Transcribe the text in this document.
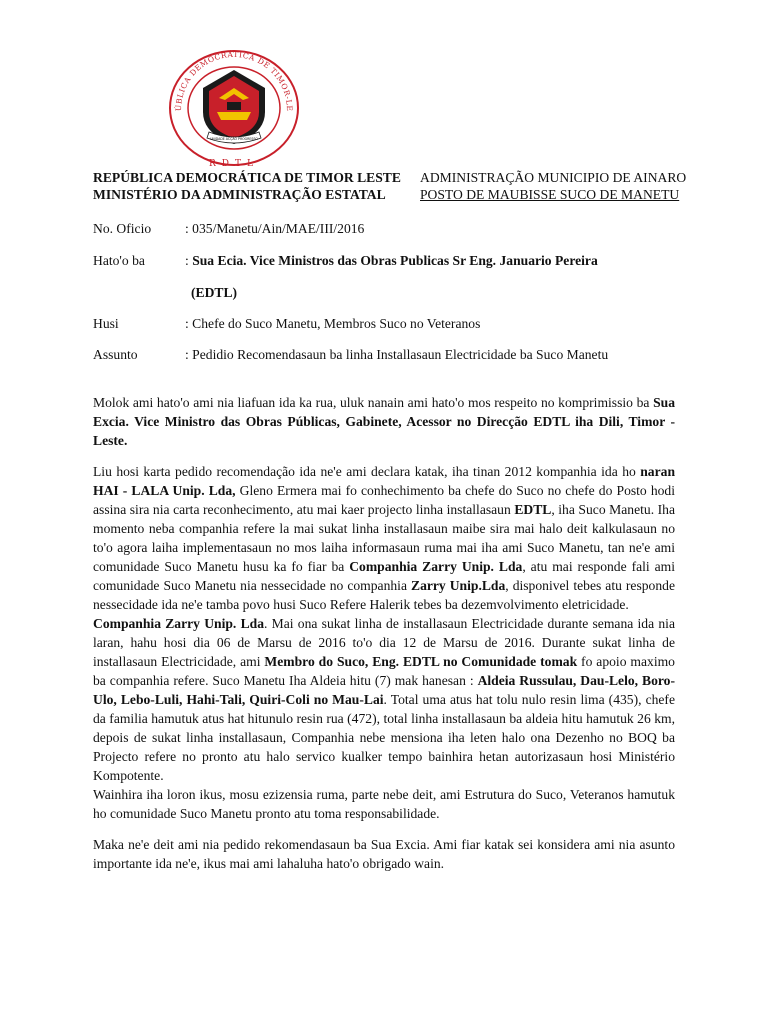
ÚBLICA DEMOCRÁTICA DE TIMOR-LE
UNIDADE ACÇÃO PROGRESSO
RDTL
REPÚBLICA DEMOCRÁTICA DE TIMOR LESTE
MINISTÉRIO DA ADMINISTRAÇÃO ESTATAL
ADMINISTRAÇÃO MUNICIPIO DE AINARO
POSTO DE MAUBISSE SUCO DE MANETU
No. Oficio : 035/Manetu/Ain/MAE/III/2016
Hato'o ba	: Sua Ecia. Vice Ministros das Obras Publicas Sr Eng. Januario Pereira
(EDTL)
Husi	: Chefe do Suco Manetu, Membros Suco no Veteranos
Assunto	: Pedidio Recomendasaun ba linha Installasaun Electricidade ba Suco Manetu

Molok ami hato'o ami nia liafuan ida ka rua, uluk nanain ami hato'o mos respeito no komprimissio ba Sua Excia. Vice Ministro das Obras Públicas, Gabinete, Acessor no Direcção EDTL iha Dili, Timor - Leste.

Liu hosi karta pedido recomendação ida ne'e ami declara katak, iha tinan 2012 kompanhia ida ho naran HAI - LALA Unip. Lda, Gleno Ermera mai fo conhechimento ba chefe do Suco no chefe do Posto hodi assina sira nia carta reconhecimento, atu mai kaer projecto linha installasaun EDTL, iha Suco Manetu. Iha momento neba companhia refere la mai sukat linha installasaun maibe sira mai halo deit kalkulasaun no to'o agora laiha implementasaun no mos laiha informasaun ruma mai iha ami Suco Manetu, tan ne'e ami comunidade Suco Manetu husu ka fo fiar ba Companhia Zarry Unip. Lda, atu mai responde fali ami comunidade Suco Manetu nia nessecidade no companhia Zarry Unip.Lda, disponivel tebes atu responde nessecidade ida ne'e tamba povo husi Suco Refere Halerik tebes ba dezemvolvimento eletricidade.

Companhia Zarry Unip. Lda. Mai ona sukat linha de installasaun Electricidade durante semana ida nia laran, hahu hosi dia 06 de Marsu de 2016 to'o dia 12 de Marsu de 2016. Durante sukat linha de installasaun Electricidade, ami Membro do Suco, Eng. EDTL no Comunidade tomak fo apoio maximo ba companhia refere. Suco Manetu Iha Aldeia hitu (7) mak hanesan : Aldeia Russulau, Dau-Lelo, Boro-Ulo, Lebo-Luli, Hahi-Tali, Quiri-Coli no Mau-Lai. Total uma atus hat tolu nulo resin lima (435), chefe da familia hamutuk atus hat hitunulo resin rua (472), total linha installasaun ba aldeia hitu hamutuk 26 km, depois de sukat linha installasaun, Companhia nebe mensiona iha leten halo ona Dezenho no BOQ ba Projecto refere no pronto atu halo servico kualker tempo bainhira hetan autorizasaun hosi Ministério Kompotente.

Wainhira iha loron ikus, mosu ezizensia ruma, parte nebe deit, ami Estrutura do Suco, Veteranos hamutuk ho comunidade Suco Manetu pronto atu toma responsabilidade.

Maka ne'e deit ami nia pedido rekomendasaun ba Sua Excia. Ami fiar katak sei konsidera ami nia asunto importante ida ne'e, ikus mai ami lahaluha hato'o obrigado wain.
